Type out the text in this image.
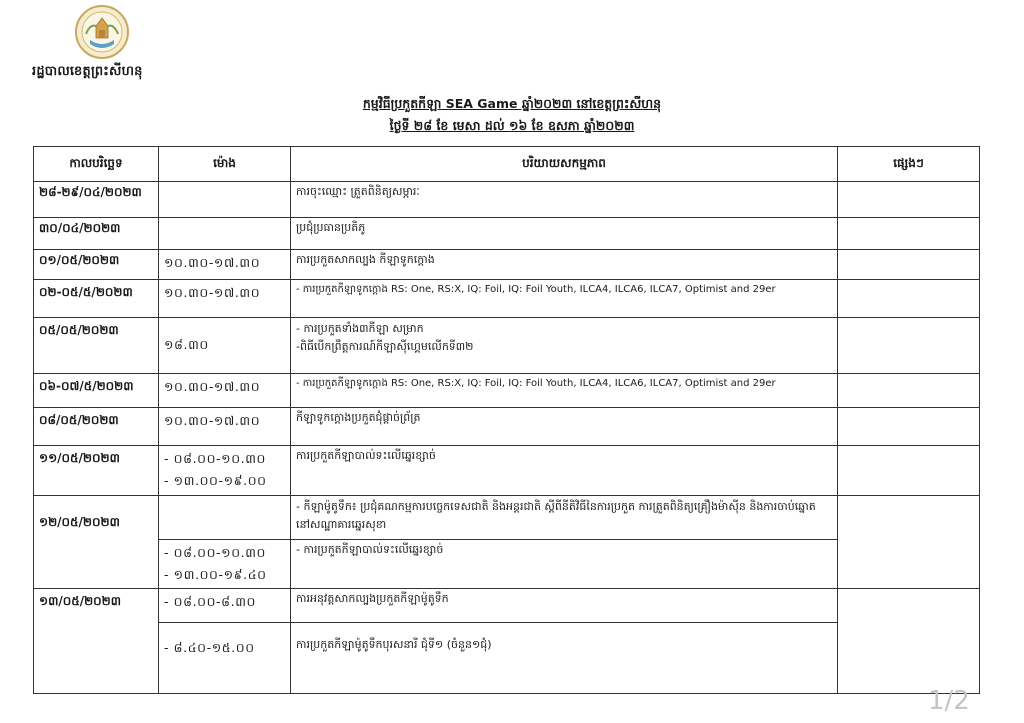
រដ្ឋបាលខេត្តព្រះសីហនុ
កម្មវិធីប្រកួតកីឡា SEA Game ឆ្នាំ២០២៣ នៅខេត្តព្រះសីហនុ
ថ្ងៃទី ២៨ ខែ មេសា ដល់ ១៦ ខែ ឧសភា ឆ្នាំ២០២៣
កាលបរិច្ឆេទ	ម៉ោង	បរិយាយសកម្មភាព	ផ្សេងៗ
២៨-២៩/០៤/២០២៣		ការចុះឈ្មោះ ត្រួតពិនិត្យសម្ភារៈ	
៣០/០៤/២០២៣		ប្រជុំប្រធានប្រតិភូ	
០១/០៥/២០២៣	១០.៣០-១៧.៣០	ការប្រកួតសាកល្បង កីឡាទូកក្ដោង	
០២-០៥/៥/២០២៣	១០.៣០-១៧.៣០	- ការប្រកួតកីឡាទូកក្ដោង RS: One, RS:X, IQ: Foil, IQ: Foil Youth, ILCA4, ILCA6, ILCA7, Optimist and 29er	
០៥/០៥/២០២៣	១៨.៣០	- ការប្រកួតទាំង៣កីឡា សម្រាក
-ពិធីបើកព្រឹត្តការណ៍កីឡាស៊ីហ្គេមលើកទី៣២	

០៦-០៧/៥/២០២៣	១០.៣០-១៧.៣០	- ការប្រកួតកីឡាទូកក្ដោង RS: One, RS:X, IQ: Foil, IQ: Foil Youth, ILCA4, ILCA6, ILCA7, Optimist and 29er	
០៨/០៥/២០២៣	១០.៣០-១៧.៣០	កីឡាទូកក្ដោងប្រកួតជុំផ្ដាច់ព្រ័ត្រ	
១១/០៥/២០២៣	- ០៨.០០-១០.៣០
- ១៣.០០-១៩.០០	ការប្រកួតកីឡាបាល់ទះលើឆ្នេរខ្សាច់	
១២/០៥/២០២៣		- កីឡាម៉ូតូទឹក៖ ប្រជុំគណកម្មការបច្ចេកទេសជាតិ និងអន្តរជាតិ ស្ដីពីនីតិវិធីនៃការប្រកួត ការត្រួតពិនិត្យគ្រឿងម៉ាស៊ីន និងការចាប់ឆ្នោត នៅសណ្ឋាគារឆ្នេរសុខា	

	- ០៨.០០-១០.៣០
- ១៣.០០-១៩.៤០	- ការប្រកួតកីឡាបាល់ទះលើឆ្នេរខ្សាច់	
១៣/០៥/២០២៣	- ០៨.០០-៨.៣០	ការអនុវត្តសាកល្បងប្រកួតកីឡាម៉ូតូទឹក	
	- ៨.៤០-១៥.០០	ការប្រកួតកីឡាម៉ូតូទឹកបុរសនារី ជុំទី១ (ចំនួន១ជុំ)	
1/2
